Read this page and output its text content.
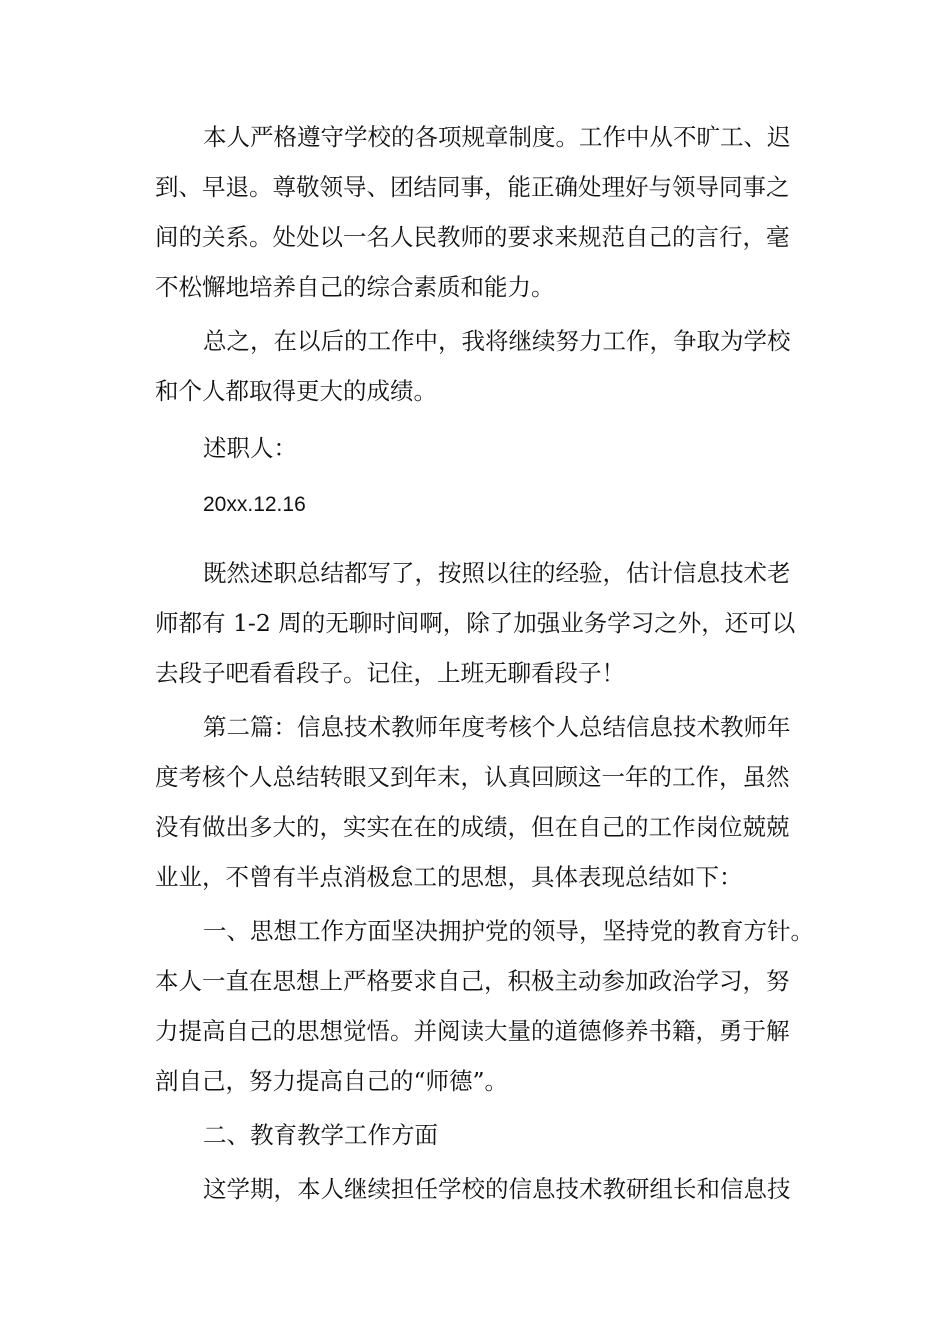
本人严格遵守学校的各项规章制度。工作中从不旷工、迟
到、早退。尊敬领导、团结同事，能正确处理好与领导同事之
间的关系。处处以一名人民教师的要求来规范自己的言行，毫
不松懈地培养自己的综合素质和能力。

总之，在以后的工作中，我将继续努力工作，争取为学校
和个人都取得更大的成绩。

述职人：

20xx.12.16

既然述职总结都写了，按照以往的经验，估计信息技术老
师都有 1-2 周的无聊时间啊，除了加强业务学习之外，还可以
去段子吧看看段子。记住，上班无聊看段子！

第二篇：信息技术教师年度考核个人总结信息技术教师年
度考核个人总结转眼又到年末，认真回顾这一年的工作，虽然
没有做出多大的，实实在在的成绩，但在自己的工作岗位兢兢
业业，不曾有半点消极怠工的思想，具体表现总结如下：

一、思想工作方面坚决拥护党的领导，坚持党的教育方针。
本人一直在思想上严格要求自己，积极主动参加政治学习，努
力提高自己的思想觉悟。并阅读大量的道德修养书籍，勇于解
剖自己，努力提高自己的“师德”。

二、教育教学工作方面

这学期，本人继续担任学校的信息技术教研组长和信息技
